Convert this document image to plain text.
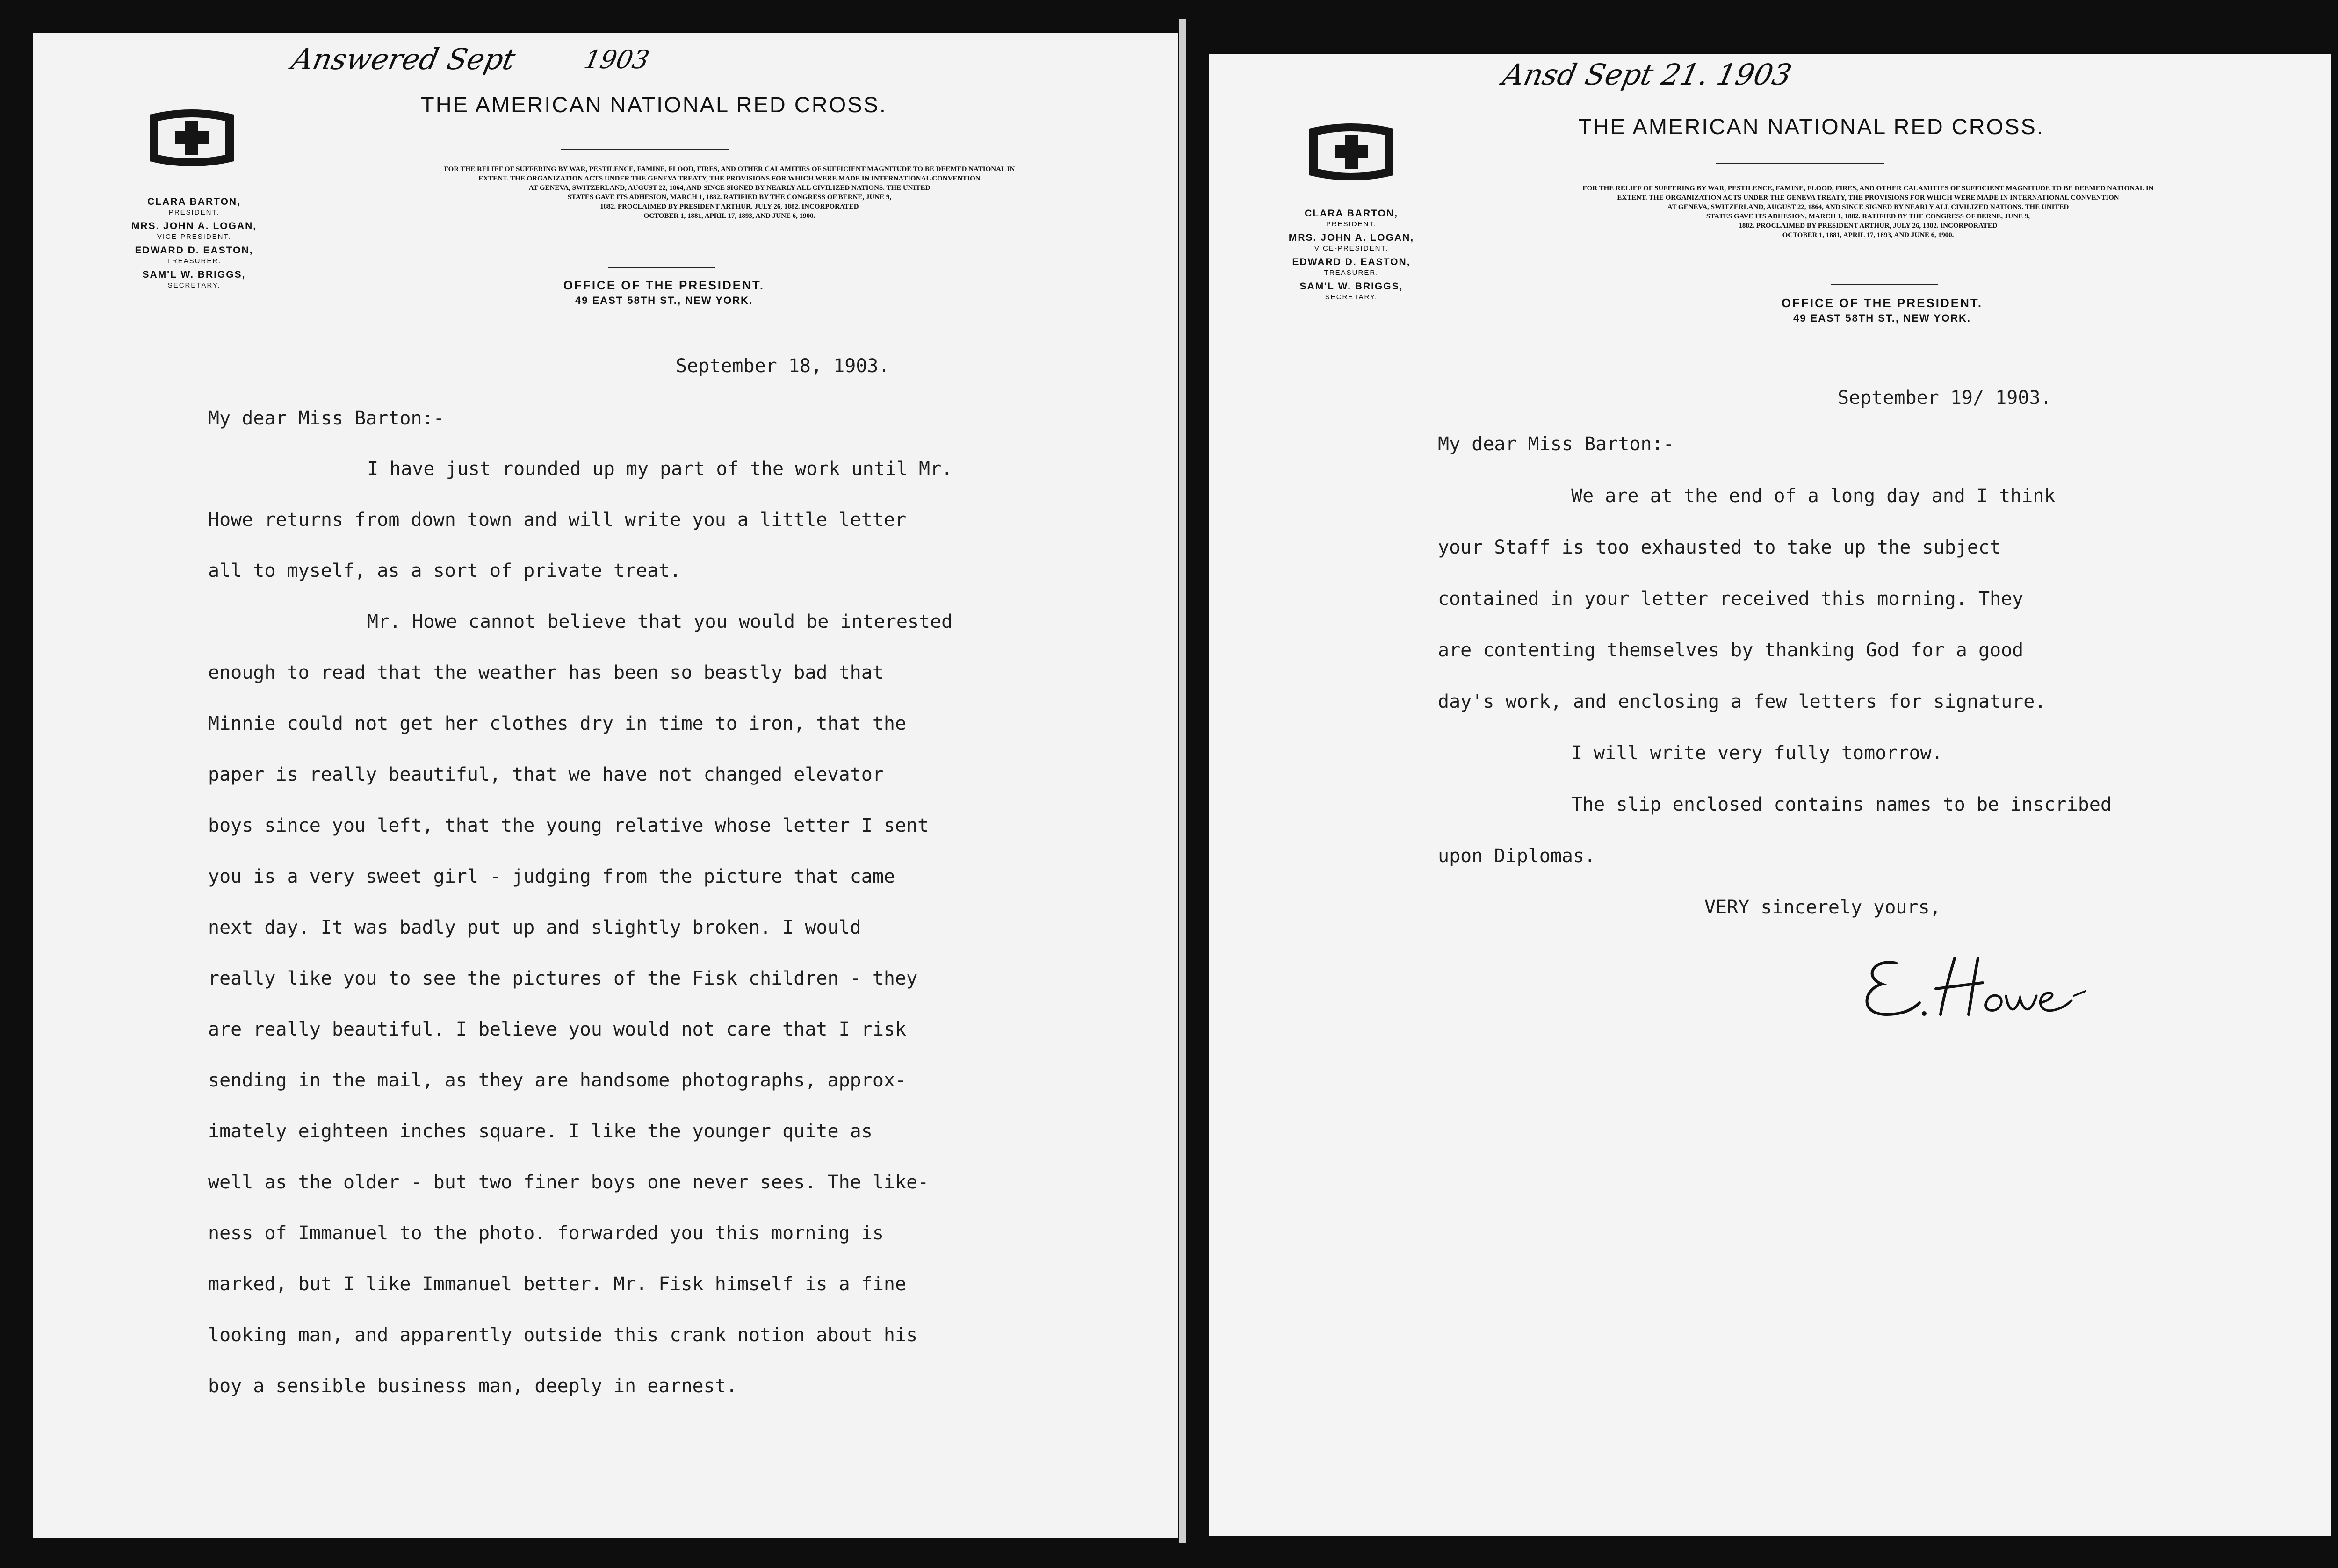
Answered Sept 1903
CLARA BARTON,
PRESIDENT.
MRS. JOHN A. LOGAN,
VICE-PRESIDENT.
EDWARD D. EASTON,
TREASURER.
SAM'L W. BRIGGS,
SECRETARY.
THE AMERICAN NATIONAL RED CROSS.
FOR THE RELIEF OF SUFFERING BY WAR, PESTILENCE, FAMINE, FLOOD, FIRES, AND OTHER CALAMITIES OF SUFFICIENT MAGNITUDE TO BE DEEMED NATIONAL IN
EXTENT. THE ORGANIZATION ACTS UNDER THE GENEVA TREATY, THE PROVISIONS FOR WHICH WERE MADE IN INTERNATIONAL CONVENTION
AT GENEVA, SWITZERLAND, AUGUST 22, 1864, AND SINCE SIGNED BY NEARLY ALL CIVILIZED NATIONS. THE UNITED
STATES GAVE ITS ADHESION, MARCH 1, 1882. RATIFIED BY THE CONGRESS OF BERNE, JUNE 9,
1882. PROCLAIMED BY PRESIDENT ARTHUR, JULY 26, 1882. INCORPORATED
OCTOBER 1, 1881, APRIL 17, 1893, AND JUNE 6, 1900.
OFFICE OF THE PRESIDENT.
49 EAST 58TH ST., NEW YORK.
September 18, 1903.
My dear Miss Barton:-
I have just rounded up my part of the work until Mr.
Howe returns from down town and will write you a little letter
all to myself, as a sort of private treat.
Mr. Howe cannot believe that you would be interested
enough to read that the weather has been so beastly bad that
Minnie could not get her clothes dry in time to iron, that the
paper is really beautiful, that we have not changed elevator
boys since you left, that the young relative whose letter I sent
you is a very sweet girl - judging from the picture that came
next day. It was badly put up and slightly broken. I would
really like you to see the pictures of the Fisk children - they
are really beautiful. I believe you would not care that I risk
sending in the mail, as they are handsome photographs, approx-
imately eighteen inches square. I like the younger quite as
well as the older - but two finer boys one never sees. The like-
ness of Immanuel to the photo. forwarded you this morning is
marked, but I like Immanuel better. Mr. Fisk himself is a fine
looking man, and apparently outside this crank notion about his
boy a sensible business man, deeply in earnest.
Ansd Sept 21. 1903
CLARA BARTON,
PRESIDENT.
MRS. JOHN A. LOGAN,
VICE-PRESIDENT.
EDWARD D. EASTON,
TREASURER.
SAM'L W. BRIGGS,
SECRETARY.
THE AMERICAN NATIONAL RED CROSS.
FOR THE RELIEF OF SUFFERING BY WAR, PESTILENCE, FAMINE, FLOOD, FIRES, AND OTHER CALAMITIES OF SUFFICIENT MAGNITUDE TO BE DEEMED NATIONAL IN
EXTENT. THE ORGANIZATION ACTS UNDER THE GENEVA TREATY, THE PROVISIONS FOR WHICH WERE MADE IN INTERNATIONAL CONVENTION
AT GENEVA, SWITZERLAND, AUGUST 22, 1864, AND SINCE SIGNED BY NEARLY ALL CIVILIZED NATIONS. THE UNITED
STATES GAVE ITS ADHESION, MARCH 1, 1882. RATIFIED BY THE CONGRESS OF BERNE, JUNE 9,
1882. PROCLAIMED BY PRESIDENT ARTHUR, JULY 26, 1882. INCORPORATED
OCTOBER 1, 1881, APRIL 17, 1893, AND JUNE 6, 1900.
OFFICE OF THE PRESIDENT.
49 EAST 58TH ST., NEW YORK.
September 19/ 1903.
My dear Miss Barton:-
We are at the end of a long day and I think
your Staff is too exhausted to take up the subject
contained in your letter received this morning. They
are contenting themselves by thanking God for a good
day's work, and enclosing a few letters for signature.
I will write very fully tomorrow.
The slip enclosed contains names to be inscribed
upon Diplomas.
VERY sincerely yours,
